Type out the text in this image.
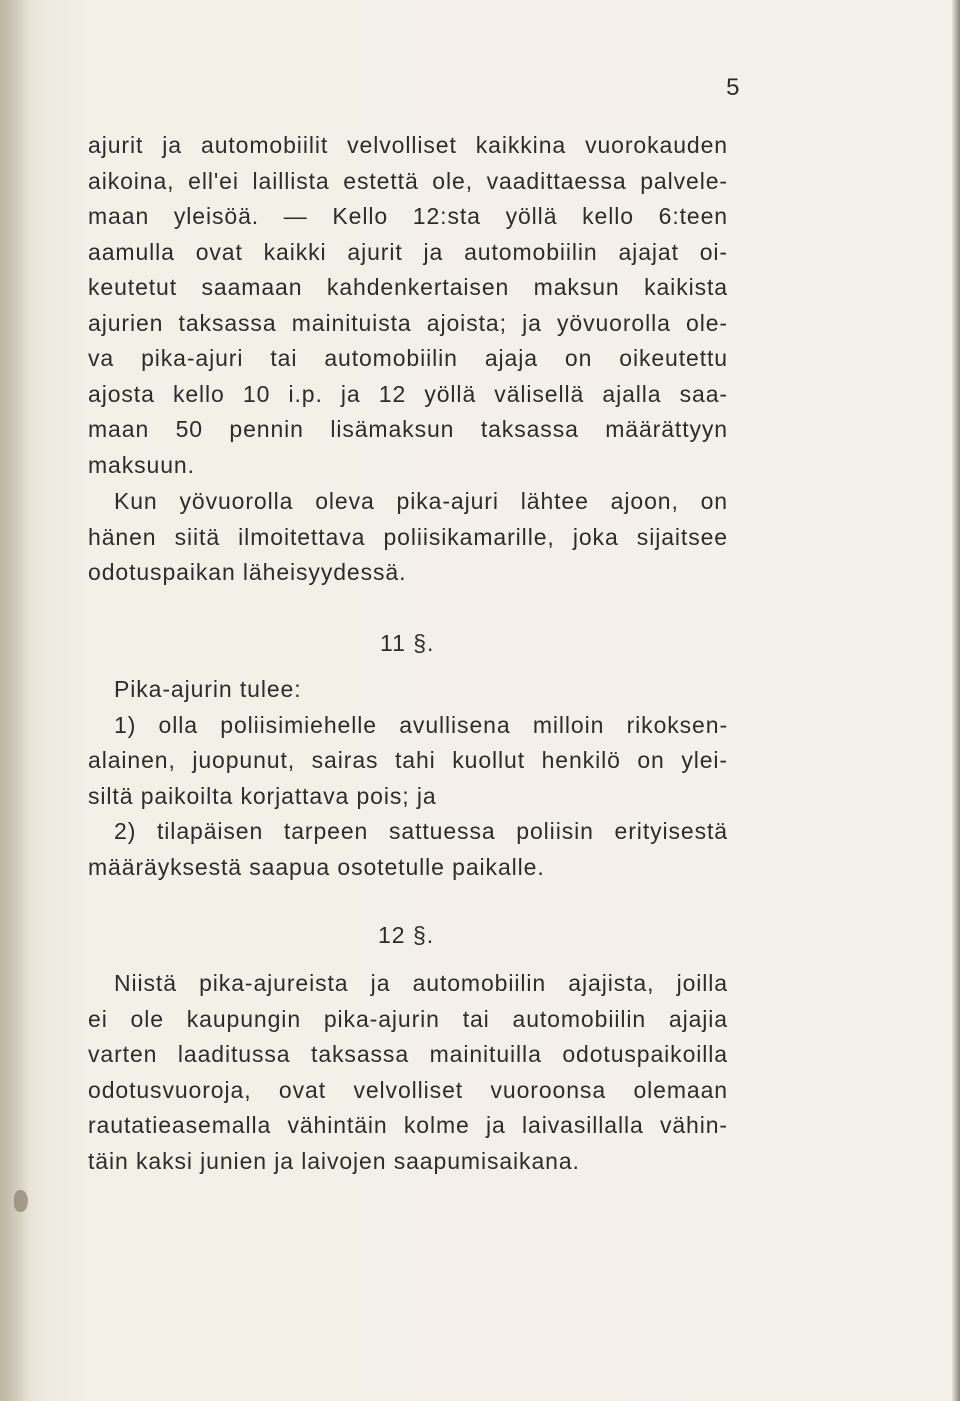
5
ajurit ja automobiilit velvolliset kaikkina vuorokauden
aikoina, ell'ei laillista estettä ole, vaadittaessa palvele-
maan yleisöä. — Kello 12:sta yöllä kello 6:teen
aamulla ovat kaikki ajurit ja automobiilin ajajat oi-
keutetut saamaan kahdenkertaisen maksun kaikista
ajurien taksassa mainituista ajoista; ja yövuorolla ole-
va pika-ajuri tai automobiilin ajaja on oikeutettu
ajosta kello 10 i.p. ja 12 yöllä välisellä ajalla saa-
maan 50 pennin lisämaksun taksassa määrättyyn
maksuun.
Kun yövuorolla oleva pika-ajuri lähtee ajoon, on
hänen siitä ilmoitettava poliisikamarille, joka sijaitsee
odotuspaikan läheisyydessä.
11 §.
Pika-ajurin tulee:
1) olla poliisimiehelle avullisena milloin rikoksen-
alainen, juopunut, sairas tahi kuollut henkilö on ylei-
siltä paikoilta korjattava pois; ja
2) tilapäisen tarpeen sattuessa poliisin erityisestä
määräyksestä saapua osotetulle paikalle.
12 §.
Niistä pika-ajureista ja automobiilin ajajista, joilla
ei ole kaupungin pika-ajurin tai automobiilin ajajia
varten laaditussa taksassa mainituilla odotuspaikoilla
odotusvuoroja, ovat velvolliset vuoroonsa olemaan
rautatieasemalla vähintäin kolme ja laivasillalla vähin-
täin kaksi junien ja laivojen saapumisaikana.
